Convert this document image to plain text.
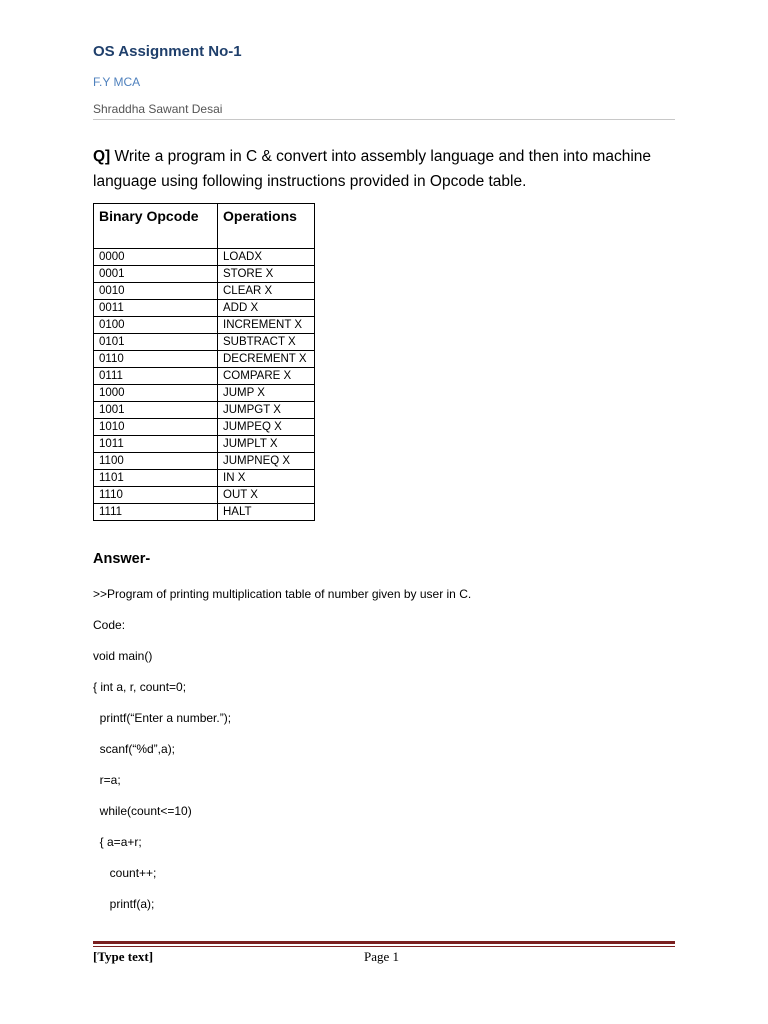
OS Assignment No-1
F.Y MCA
Shraddha Sawant Desai
Q] Write a program in C & convert into assembly language and then into machine language using following instructions provided in Opcode table.
Binary Opcode	Operations
0000	LOADX
0001	STORE X
0010	CLEAR X
0011	ADD X
0100	INCREMENT X
0101	SUBTRACT X
0110	DECREMENT X
0111	COMPARE X
1000	JUMP X
1001	JUMPGT X
1010	JUMPEQ X
1011	JUMPLT X
1100	JUMPNEQ X
1101	IN X
1110	OUT X
1111	HALT
Answer-
>>Program of printing multiplication table of number given by user in C.
Code:
void main()
{ int a, r, count=0;
printf(“Enter a number.”);
scanf(“%d”,a);
r=a;
while(count<=10)
{ a=a+r;
count++;
printf(a);
[Type text]	Page 1
